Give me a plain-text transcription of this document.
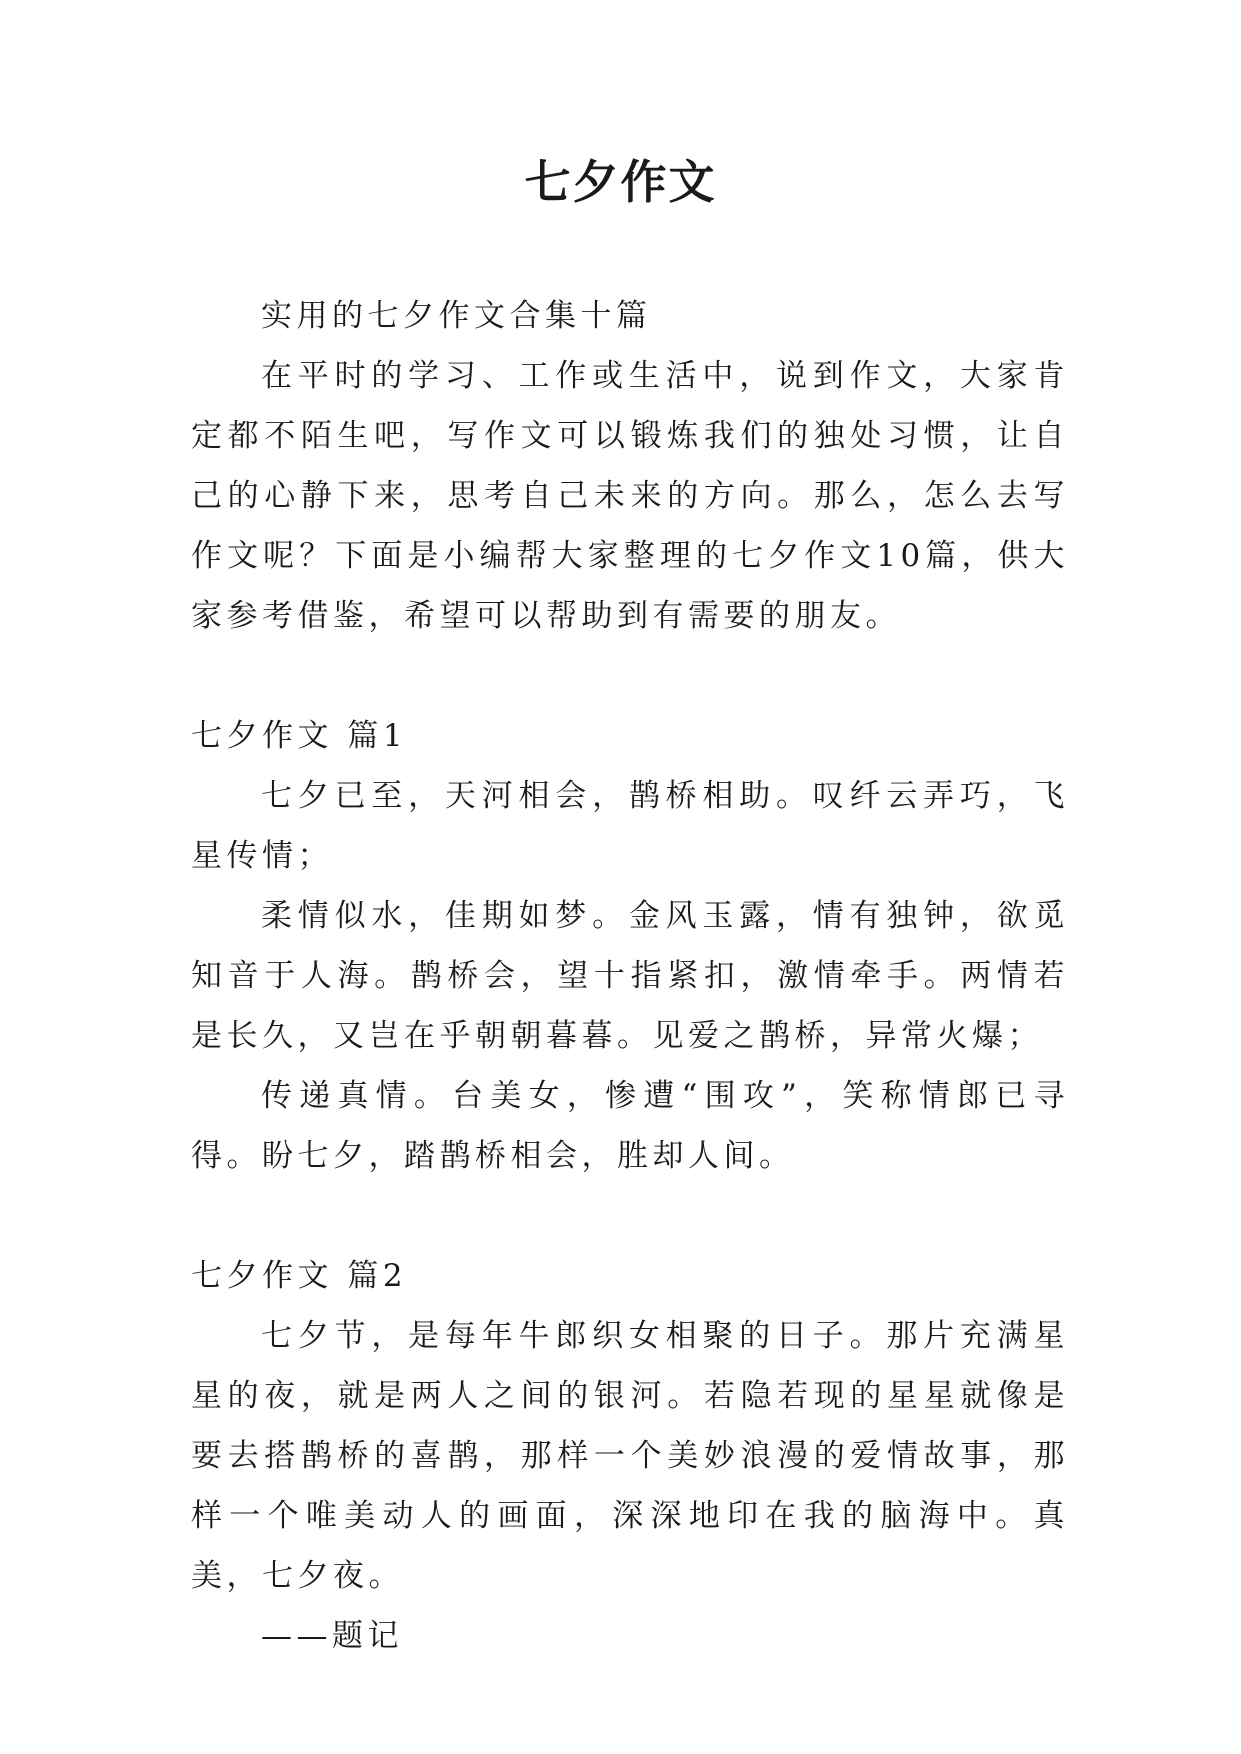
七夕作文

实用的七夕作文合集十篇

在平时的学习、工作或生活中，说到作文，大家肯定都不陌生吧，写作文可以锻炼我们的独处习惯，让自己的心静下来，思考自己未来的方向。那么，怎么去写作文呢？下面是小编帮大家整理的七夕作文10篇，供大家参考借鉴，希望可以帮助到有需要的朋友。

七夕作文 篇1

七夕已至，天河相会，鹊桥相助。叹纤云弄巧，飞星传情；

柔情似水，佳期如梦。金风玉露，情有独钟，欲觅知音于人海。鹊桥会，望十指紧扣，激情牵手。两情若是长久，又岂在乎朝朝暮暮。见爱之鹊桥，异常火爆；

传递真情。台美女，惨遭“围攻”，笑称情郎已寻得。盼七夕，踏鹊桥相会，胜却人间。

七夕作文 篇2

七夕节，是每年牛郎织女相聚的日子。那片充满星星的夜，就是两人之间的银河。若隐若现的星星就像是要去搭鹊桥的喜鹊，那样一个美妙浪漫的爱情故事，那样一个唯美动人的画面，深深地印在我的脑海中。真美，七夕夜。

——题记
